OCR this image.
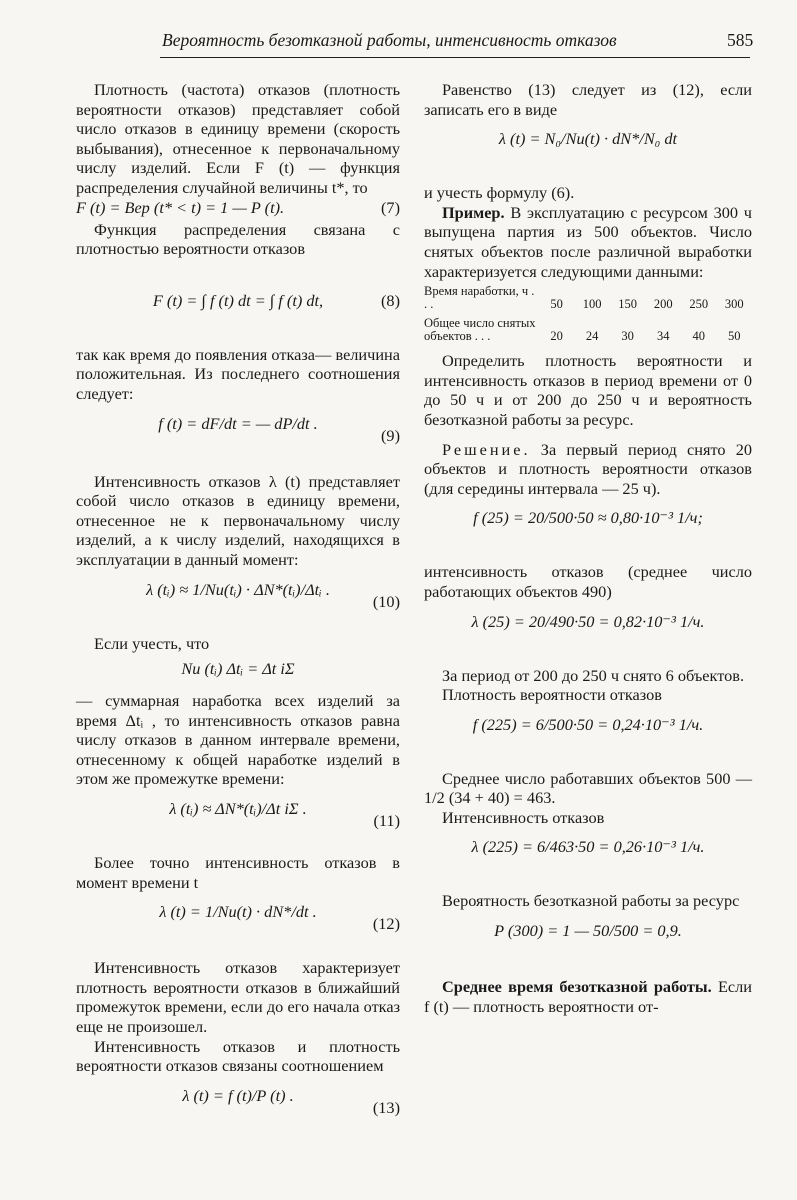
Вероятность безотказной работы, интенсивность отказов	585

Плотность (частота) отказов (плотность вероятности отказов) представляет собой число отказов в единицу времени (скорость выбывания), отнесенное к первоначальному числу изделий. Если F (t) — функция распределения случайной величины t*, то

F (t) = Вер (t* < t) = 1 — P (t).	(7)

Функция распределения связана с плотностью вероятности отказов

F (t) = ∫ f (t) dt = ∫ f (t) dt,	(8)

так как время до появления отказа— величина положительная. Из последнего соотношения следует:

f (t) = dF/dt = — dP/dt .
(9)

Интенсивность отказов λ (t) представляет собой число отказов в единицу времени, отнесенное не к первоначальному числу изделий, а к числу изделий, находящихся в эксплуатации в данный момент:

λ (tᵢ) ≈ 1/Nи(tᵢ) · ΔN*(tᵢ)/Δtᵢ .
(10)

Если учесть, что

Nи (tᵢ) Δtᵢ = Δt iΣ

— суммарная наработка всех изделий за время Δtᵢ , то интенсивность отказов равна числу отказов в данном интервале времени, отнесенному к общей наработке изделий в этом же промежутке времени:

λ (tᵢ) ≈ ΔN*(tᵢ)/Δt iΣ .
(11)

Более точно интенсивность отказов в момент времени t

λ (t) = 1/Nи(t) · dN*/dt .
(12)

Интенсивность отказов характеризует плотность вероятности отказов в ближайший промежуток времени, если до его начала отказ еще не произошел.

Интенсивность отказов и плотность вероятности отказов связаны соотношением

λ (t) = f (t)/P (t) .
(13)

Равенство (13) следует из (12), если записать его в виде

λ (t) = N₀/Nи(t) · dN*/N₀ dt

и учесть формулу (6).

Пример. В эксплуатацию с ресурсом 300 ч выпущена партия из 500 объектов. Число снятых объектов после различной выработки характеризуется следующими данными:

Время наработки, ч . . .	50	100	150	200	250	300
Общее число снятых объектов . . .	20	24	30	34	40	50

Определить плотность вероятности и интенсивность отказов в период времени от 0 до 50 ч и от 200 до 250 ч и вероятность безотказной работы за ресурс.

Решение. За первый период снято 20 объектов и плотность вероятности отказов (для середины интервала — 25 ч).

f (25) = 20/500·50 ≈ 0,80·10⁻³ 1/ч;

интенсивность отказов (среднее число работающих объектов 490)

λ (25) = 20/490·50 = 0,82·10⁻³ 1/ч.

За период от 200 до 250 ч снято 6 объектов.

Плотность вероятности отказов

f (225) = 6/500·50 = 0,24·10⁻³ 1/ч.

Среднее число работавших объектов 500 — 1/2 (34 + 40) = 463.

Интенсивность отказов

λ (225) = 6/463·50 = 0,26·10⁻³ 1/ч.

Вероятность безотказной работы за ресурс

P (300) = 1 — 50/500 = 0,9.

Среднее время безотказной работы. Если f (t) — плотность вероятности от-
